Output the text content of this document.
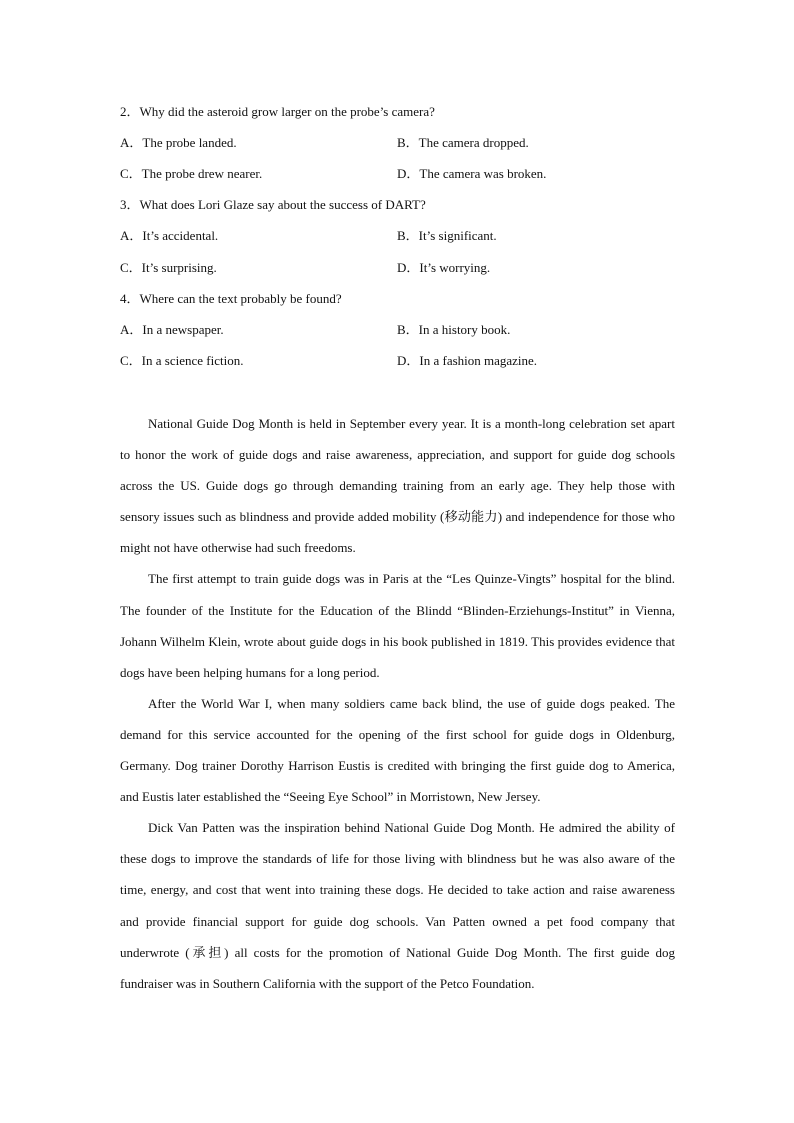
2．Why did the asteroid grow larger on the probe’s camera?
A．The probe landed.	B．The camera dropped.
C．The probe drew nearer.	D．The camera was broken.
3．What does Lori Glaze say about the success of DART?
A．It’s accidental.	B．It’s significant.
C．It’s surprising.	D．It’s worrying.
4．Where can the text probably be found?
A．In a newspaper.	B．In a history book.
C．In a science fiction.	D．In a fashion magazine.

National Guide Dog Month is held in September every year. It is a month-long celebration set apart to honor the work of guide dogs and raise awareness, appreciation, and support for guide dog schools across the US. Guide dogs go through demanding training from an early age. They help those with sensory issues such as blindness and provide added mobility (移动能力) and independence for those who might not have otherwise had such freedoms.

The first attempt to train guide dogs was in Paris at the “Les Quinze-Vingts” hospital for the blind. The founder of the Institute for the Education of the Blindd “Blinden-Erziehungs-Institut” in Vienna, Johann Wilhelm Klein, wrote about guide dogs in his book published in 1819. This provides evidence that dogs have been helping humans for a long period.

After the World War I, when many soldiers came back blind, the use of guide dogs peaked. The demand for this service accounted for the opening of the first school for guide dogs in Oldenburg, Germany. Dog trainer Dorothy Harrison Eustis is credited with bringing the first guide dog to America, and Eustis later established the “Seeing Eye School” in Morristown, New Jersey.

Dick Van Patten was the inspiration behind National Guide Dog Month. He admired the ability of these dogs to improve the standards of life for those living with blindness but he was also aware of the time, energy, and cost that went into training these dogs. He decided to take action and raise awareness and provide financial support for guide dog schools. Van Patten owned a pet food company that underwrote (承担) all costs for the promotion of National Guide Dog Month. The first guide dog fundraiser was in Southern California with the support of the Petco Foundation.
